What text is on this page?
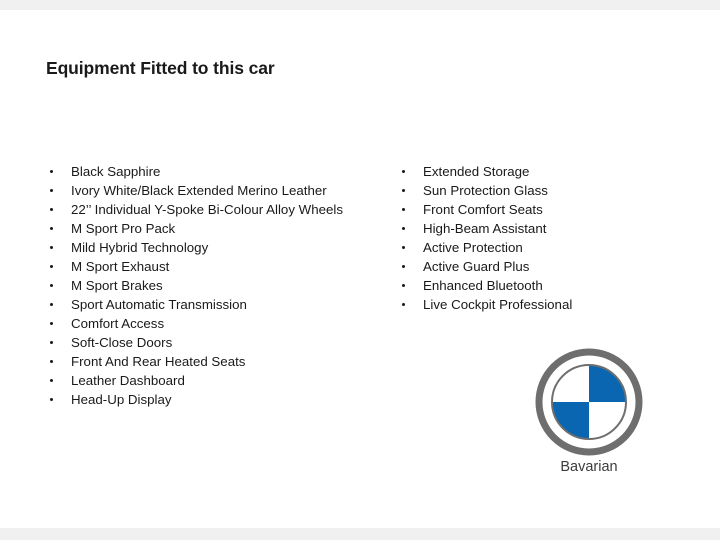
Equipment Fitted to this car
Black Sapphire
Ivory White/Black Extended Merino Leather
22’’ Individual Y-Spoke Bi-Colour Alloy Wheels
M Sport Pro Pack
Mild Hybrid Technology
M Sport Exhaust
M Sport Brakes
Sport Automatic Transmission
Comfort Access
Soft-Close Doors
Front And Rear Heated Seats
Leather Dashboard
Head-Up Display
Extended Storage
Sun Protection Glass
Front Comfort Seats
High-Beam Assistant
Active Protection
Active Guard Plus
Enhanced Bluetooth
Live Cockpit Professional
Bavarian
